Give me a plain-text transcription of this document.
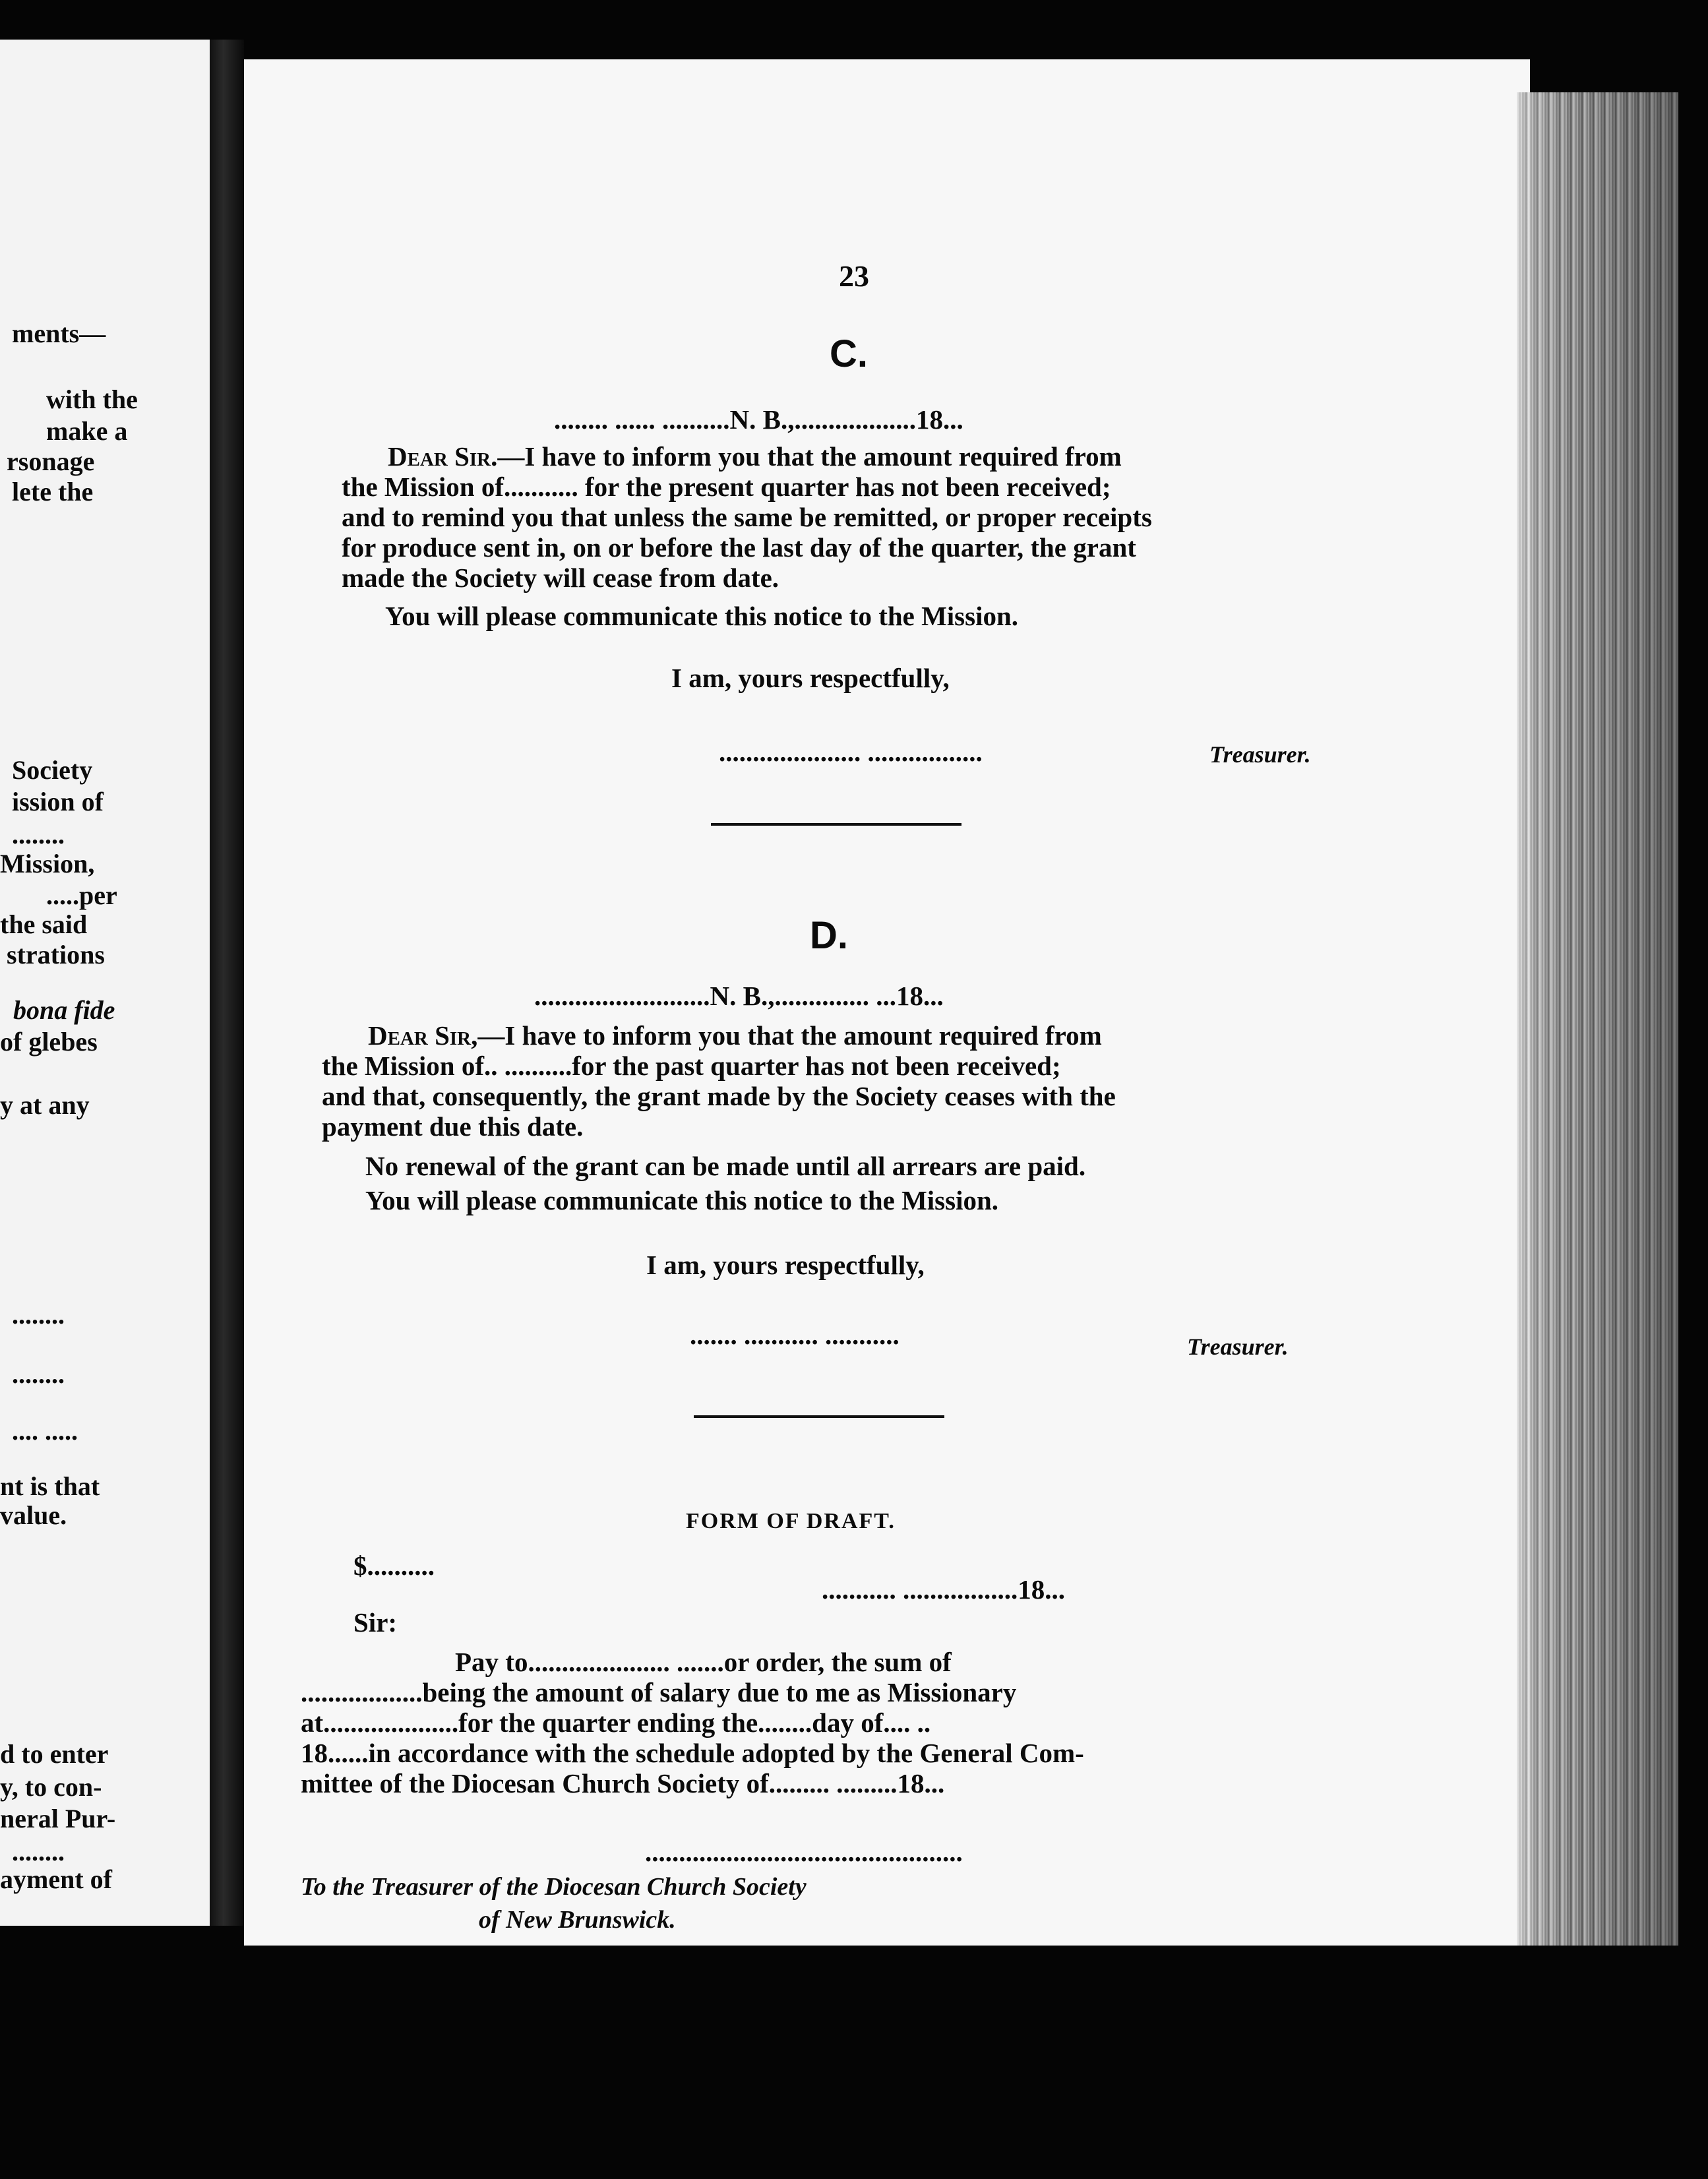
ments—
with the
make a
rsonage
lete the
Society
ission of
........
Mission,
.....per
the said
strations
bona fide
of glebes
y at any
........
........
.... .....
nt is that
value.
d to enter
y, to con-
neral Pur-
........
ayment of
23
C.
........ ...... ..........N. B.,..................18...
Dear Sir.—I have to inform you that the amount required from
the Mission of........... for the present quarter has not been received;
and to remind you that unless the same be remitted, or proper receipts
for produce sent in, on or before the last day of the quarter, the grant
made the Society will cease from date.
You will please communicate this notice to the Mission.
I am, yours respectfully,
..................... .................	Treasurer.
D.
..........................N. B.,.............. ...18...
Dear Sir,—I have to inform you that the amount required from
the Mission of.. ..........for the past quarter has not been received;
and that, consequently, the grant made by the Society ceases with the
payment due this date.
No renewal of the grant can be made until all arrears are paid.
You will please communicate this notice to the Mission.
I am, yours respectfully,
....... ........... ...........	Treasurer.
FORM OF DRAFT.
$..........
........... .................18...
Sir:
Pay to..................... .......or order, the sum of
..................being the amount of salary due to me as Missionary
at....................for the quarter ending the........day of.... ..
18......in accordance with the schedule adopted by the General Com-
mittee of the Diocesan Church Society of......... .........18...
...............................................
To the Treasurer of the Diocesan Church Society
of New Brunswick.
